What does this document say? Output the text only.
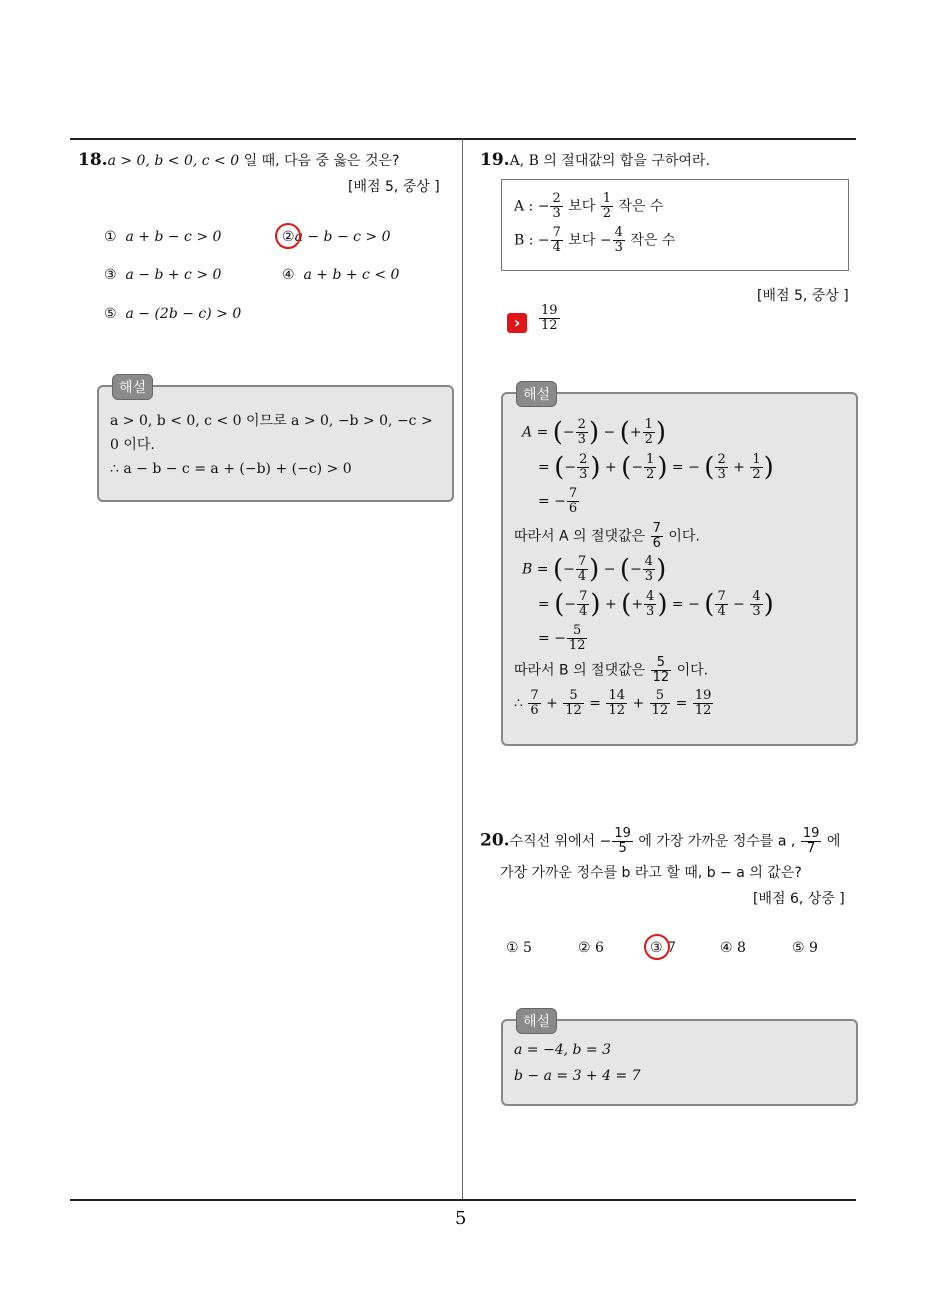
5
18.a > 0, b < 0, c < 0 일 때, 다음 중 옳은 것은?
[배점 5, 중상 ]
① a + b − c > 0	②a − b − c > 0
③ a − b + c > 0	④ a + b + c < 0
⑤ a − (2b − c) > 0
해설
a > 0, b < 0, c < 0 이므로 a > 0, −b > 0, −c >
0 이다.
∴ a − b − c = a + (−b) + (−c) > 0
19.A, B 의 절대값의 합을 구하여라.
A : − $\frac{2}{3}$ 보다 $\frac{1}{2}$ 작은 수
B : − $\frac{7}{4}$ 보다 − $\frac{4}{3}$ 작은 수
[배점 5, 중상 ]
›	$\frac{19}{12}$
해설
A = (− $\frac{2}{3}$ ) − (+ $\frac{1}{2}$ )
= (− $\frac{2}{3}$ ) + (− $\frac{1}{2}$ ) = − ( $\frac{2}{3} + \frac{1}{2}$ )
= − $\frac{7}{6}$
따라서 A 의 절댓값은 $\frac{7}{6}$ 이다.
B = (− $\frac{7}{4}$ ) − (− $\frac{4}{3}$ )
= (− $\frac{7}{4}$ ) + (+ $\frac{4}{3}$ ) = − ( $\frac{7}{4} - \frac{4}{3}$ )
= − $\frac{5}{12}$
따라서 B 의 절댓값은 $\frac{5}{12}$ 이다.
∴ $\frac{7}{6} + \frac{5}{12} = \frac{14}{12} + \frac{5}{12} = \frac{19}{12}$
20.수직선 위에서 − $\frac{19}{5}$ 에 가장 가까운 정수를 a , $\frac{19}{7}$ 에
가장 가까운 정수를 b 라고 할 때, b − a 의 값은?
[배점 6, 상중 ]
① 5	② 6	③ 7	④ 8	⑤ 9
해설
a = −4, b = 3
b − a = 3 + 4 = 7
